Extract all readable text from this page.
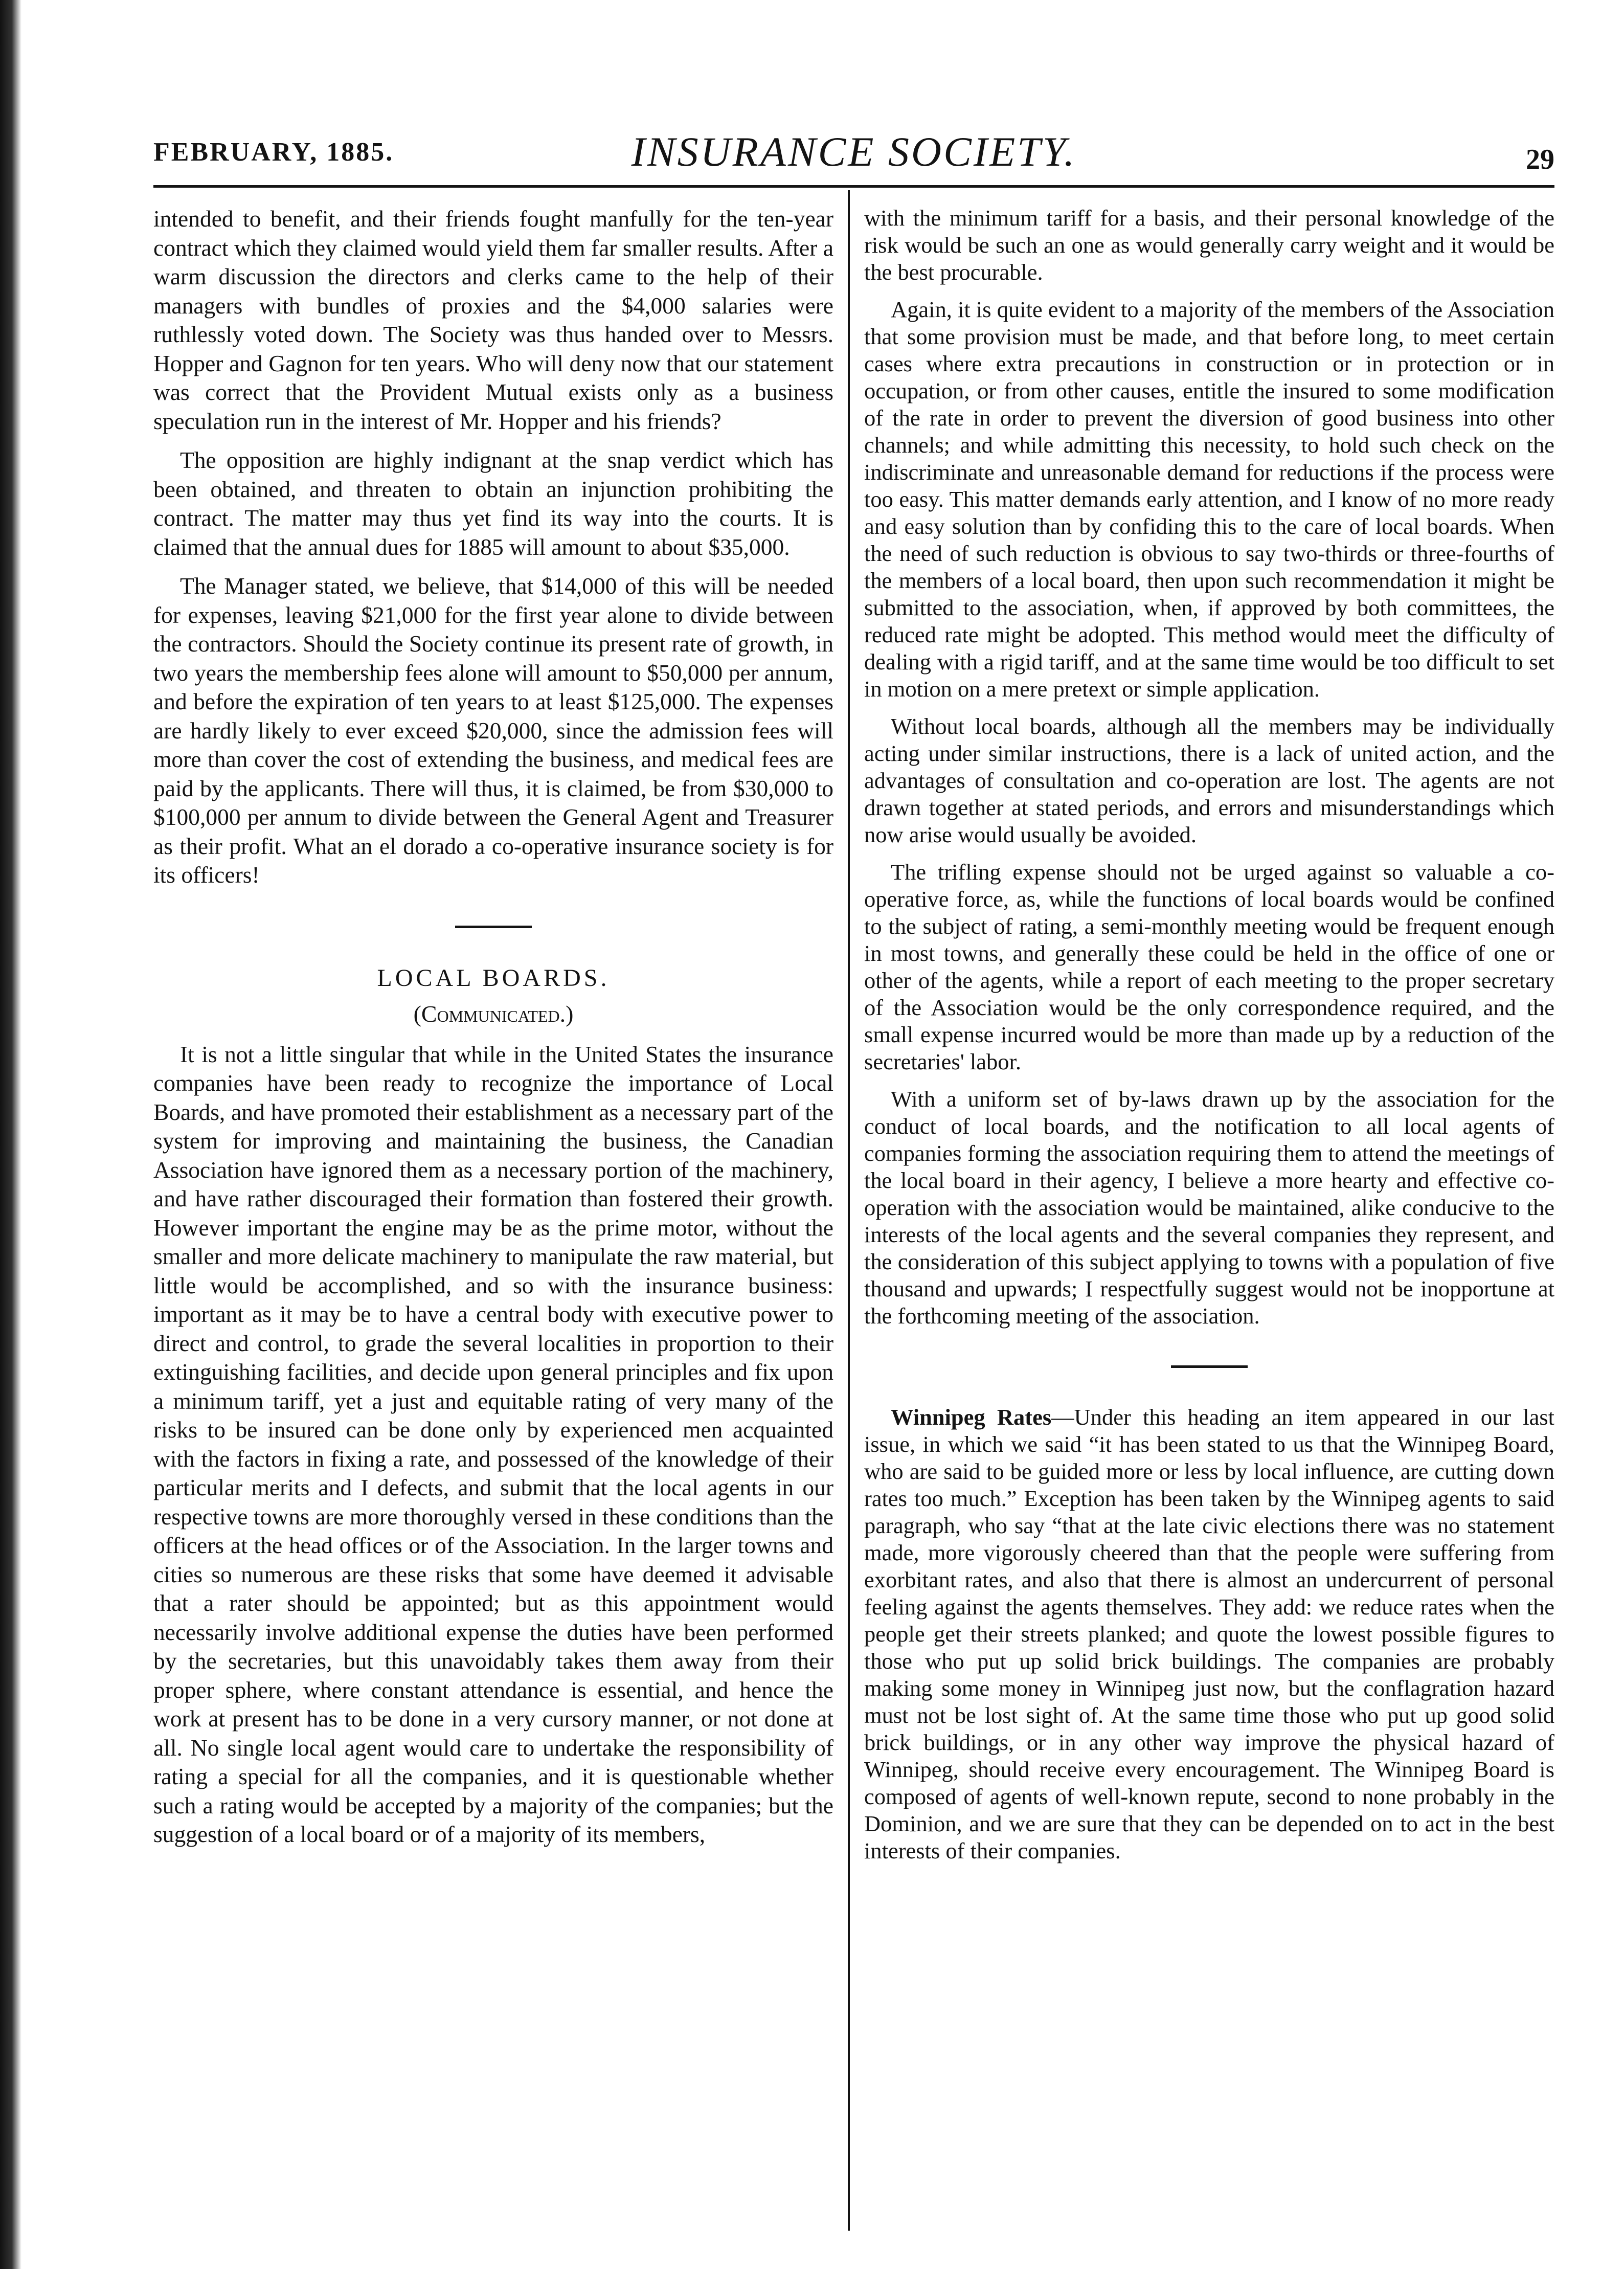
FEBRUARY, 1885.	INSURANCE SOCIETY.	29

intended to benefit, and their friends fought manfully for the ten-year contract which they claimed would yield them far smaller results. After a warm discussion the directors and clerks came to the help of their managers with bundles of proxies and the $4,000 salaries were ruthlessly voted down. The Society was thus handed over to Messrs. Hopper and Gagnon for ten years. Who will deny now that our statement was correct that the Provident Mutual exists only as a business speculation run in the interest of Mr. Hopper and his friends?

The opposition are highly indignant at the snap verdict which has been obtained, and threaten to obtain an injunction prohibiting the contract. The matter may thus yet find its way into the courts. It is claimed that the annual dues for 1885 will amount to about $35,000.

The Manager stated, we believe, that $14,000 of this will be needed for expenses, leaving $21,000 for the first year alone to divide between the contractors. Should the Society continue its present rate of growth, in two years the membership fees alone will amount to $50,000 per annum, and before the expiration of ten years to at least $125,000. The expenses are hardly likely to ever exceed $20,000, since the admission fees will more than cover the cost of extending the business, and medical fees are paid by the applicants. There will thus, it is claimed, be from $30,000 to $100,000 per annum to divide between the General Agent and Treasurer as their profit. What an el dorado a co-operative insurance society is for its officers!

LOCAL BOARDS.
(Communicated.)

It is not a little singular that while in the United States the insurance companies have been ready to recognize the importance of Local Boards, and have promoted their establishment as a necessary part of the system for improving and maintaining the business, the Canadian Association have ignored them as a necessary portion of the machinery, and have rather discouraged their formation than fostered their growth. However important the engine may be as the prime motor, without the smaller and more delicate machinery to manipulate the raw material, but little would be accomplished, and so with the insurance business: important as it may be to have a central body with executive power to direct and control, to grade the several localities in proportion to their extinguishing facilities, and decide upon general principles and fix upon a minimum tariff, yet a just and equitable rating of very many of the risks to be insured can be done only by experienced men acquainted with the factors in fixing a rate, and possessed of the knowledge of their particular merits and I defects, and submit that the local agents in our respective towns are more thoroughly versed in these conditions than the officers at the head offices or of the Association. In the larger towns and cities so numerous are these risks that some have deemed it advisable that a rater should be appointed; but as this appointment would necessarily involve additional expense the duties have been performed by the secretaries, but this unavoidably takes them away from their proper sphere, where constant attendance is essential, and hence the work at present has to be done in a very cursory manner, or not done at all. No single local agent would care to undertake the responsibility of rating a special for all the companies, and it is questionable whether such a rating would be accepted by a majority of the companies; but the suggestion of a local board or of a majority of its members,

with the minimum tariff for a basis, and their personal knowledge of the risk would be such an one as would generally carry weight and it would be the best procurable.

Again, it is quite evident to a majority of the members of the Association that some provision must be made, and that before long, to meet certain cases where extra precautions in construction or in protection or in occupation, or from other causes, entitle the insured to some modification of the rate in order to prevent the diversion of good business into other channels; and while admitting this necessity, to hold such check on the indiscriminate and unreasonable demand for reductions if the process were too easy. This matter demands early attention, and I know of no more ready and easy solution than by confiding this to the care of local boards. When the need of such reduction is obvious to say two-thirds or three-fourths of the members of a local board, then upon such recommendation it might be submitted to the association, when, if approved by both committees, the reduced rate might be adopted. This method would meet the difficulty of dealing with a rigid tariff, and at the same time would be too difficult to set in motion on a mere pretext or simple application.

Without local boards, although all the members may be individually acting under similar instructions, there is a lack of united action, and the advantages of consultation and co-operation are lost. The agents are not drawn together at stated periods, and errors and misunderstandings which now arise would usually be avoided.

The trifling expense should not be urged against so valuable a co-operative force, as, while the functions of local boards would be confined to the subject of rating, a semi-monthly meeting would be frequent enough in most towns, and generally these could be held in the office of one or other of the agents, while a report of each meeting to the proper secretary of the Association would be the only correspondence required, and the small expense incurred would be more than made up by a reduction of the secretaries' labor.

With a uniform set of by-laws drawn up by the association for the conduct of local boards, and the notification to all local agents of companies forming the association requiring them to attend the meetings of the local board in their agency, I believe a more hearty and effective co-operation with the association would be maintained, alike conducive to the interests of the local agents and the several companies they represent, and the consideration of this subject applying to towns with a population of five thousand and upwards; I respectfully suggest would not be inopportune at the forthcoming meeting of the association.

Winnipeg Rates—Under this heading an item appeared in our last issue, in which we said “it has been stated to us that the Winnipeg Board, who are said to be guided more or less by local influence, are cutting down rates too much.” Exception has been taken by the Winnipeg agents to said paragraph, who say “that at the late civic elections there was no statement made, more vigorously cheered than that the people were suffering from exorbitant rates, and also that there is almost an undercurrent of personal feeling against the agents themselves. They add: we reduce rates when the people get their streets planked; and quote the lowest possible figures to those who put up solid brick buildings. The companies are probably making some money in Winnipeg just now, but the conflagration hazard must not be lost sight of. At the same time those who put up good solid brick buildings, or in any other way improve the physical hazard of Winnipeg, should receive every encouragement. The Winnipeg Board is composed of agents of well-known repute, second to none probably in the Dominion, and we are sure that they can be depended on to act in the best interests of their companies.
